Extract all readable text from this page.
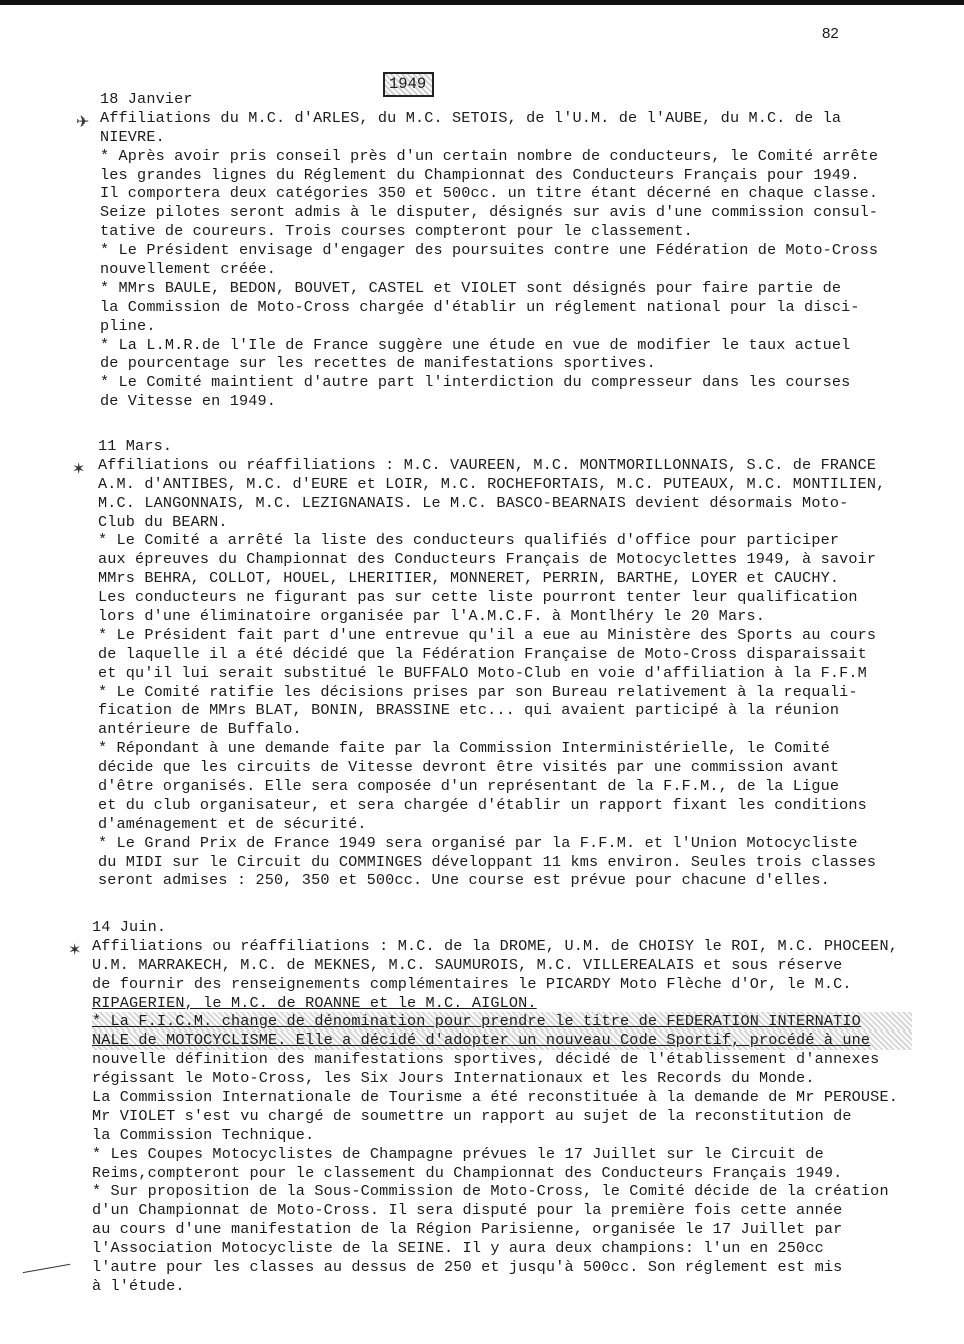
82
1949
✈
✶
✶
18 Janvier
Affiliations du M.C. d'ARLES, du M.C. SETOIS, de l'U.M. de l'AUBE, du M.C. de la
NIEVRE.
* Après avoir pris conseil près d'un certain nombre de conducteurs, le Comité arrête
les grandes lignes du Réglement du Championnat des Conducteurs Français pour 1949.
Il comportera deux catégories 350 et 500cc. un titre étant décerné en chaque classe.
Seize pilotes seront admis à le disputer, désignés sur avis d'une commission consul-
tative de coureurs. Trois courses compteront pour le classement.
* Le Président envisage d'engager des poursuites contre une Fédération de Moto-Cross
nouvellement créée.
* MMrs BAULE, BEDON, BOUVET, CASTEL et VIOLET sont désignés pour faire partie de
la Commission de Moto-Cross chargée d'établir un réglement national pour la disci-
pline.
* La L.M.R.de l'Ile de France suggère une étude en vue de modifier le taux actuel
de pourcentage sur les recettes de manifestations sportives.
* Le Comité maintient d'autre part l'interdiction du compresseur dans les courses
de Vitesse en 1949.
11 Mars.
Affiliations ou réaffiliations : M.C. VAUREEN, M.C. MONTMORILLONNAIS, S.C. de FRANCE
A.M. d'ANTIBES, M.C. d'EURE et LOIR, M.C. ROCHEFORTAIS, M.C. PUTEAUX, M.C. MONTILIEN,
M.C. LANGONNAIS, M.C. LEZIGNANAIS. Le M.C. BASCO-BEARNAIS devient désormais Moto-
Club du BEARN.
* Le Comité a arrêté la liste des conducteurs qualifiés d'office pour participer
aux épreuves du Championnat des Conducteurs Français de Motocyclettes 1949, à savoir
MMrs BEHRA, COLLOT, HOUEL, LHERITIER, MONNERET, PERRIN, BARTHE, LOYER et CAUCHY.
Les conducteurs ne figurant pas sur cette liste pourront tenter leur qualification
lors d'une éliminatoire organisée par l'A.M.C.F. à Montlhéry le 20 Mars.
* Le Président fait part d'une entrevue qu'il a eue au Ministère des Sports au cours
de laquelle il a été décidé que la Fédération Française de Moto-Cross disparaissait
et qu'il lui serait substitué le BUFFALO Moto-Club en voie d'affiliation à la F.F.M
* Le Comité ratifie les décisions prises par son Bureau relativement à la requali-
fication de MMrs BLAT, BONIN, BRASSINE etc... qui avaient participé à la réunion
antérieure de Buffalo.
* Répondant à une demande faite par la Commission Interministérielle, le Comité
décide que les circuits de Vitesse devront être visités par une commission avant
d'être organisés. Elle sera composée d'un représentant de la F.F.M., de la Ligue
et du club organisateur, et sera chargée d'établir un rapport fixant les conditions
d'aménagement et de sécurité.
* Le Grand Prix de France 1949 sera organisé par la F.F.M. et l'Union Motocycliste
du MIDI sur le Circuit du COMMINGES développant 11 kms environ. Seules trois classes
seront admises : 250, 350 et 500cc. Une course est prévue pour chacune d'elles.
14 Juin.
Affiliations ou réaffiliations : M.C. de la DROME, U.M. de CHOISY le ROI, M.C. PHOCEEN,
U.M. MARRAKECH, M.C. de MEKNES, M.C. SAUMUROIS, M.C. VILLEREALAIS et sous réserve
de fournir des renseignements complémentaires le PICARDY Moto Flèche d'Or, le M.C.
RIPAGERIEN, le M.C. de ROANNE et le M.C. AIGLON.
* La F.I.C.M. change de dénomination pour prendre le titre de FEDERATION INTERNATIO
NALE de MOTOCYCLISME. Elle a décidé d'adopter un nouveau Code Sportif, procédé à une
nouvelle définition des manifestations sportives, décidé de l'établissement d'annexes
régissant le Moto-Cross, les Six Jours Internationaux et les Records du Monde.
La Commission Internationale de Tourisme a été reconstituée à la demande de Mr PEROUSE.
Mr VIOLET s'est vu chargé de soumettre un rapport au sujet de la reconstitution de
la Commission Technique.
* Les Coupes Motocyclistes de Champagne prévues le 17 Juillet sur le Circuit de
Reims,compteront pour le classement du Championnat des Conducteurs Français 1949.
* Sur proposition de la Sous-Commission de Moto-Cross, le Comité décide de la création
d'un Championnat de Moto-Cross. Il sera disputé pour la première fois cette année
au cours d'une manifestation de la Région Parisienne, organisée le 17 Juillet par
l'Association Motocycliste de la SEINE. Il y aura deux champions: l'un en 250cc
l'autre pour les classes au dessus de 250 et jusqu'à 500cc. Son réglement est mis
à l'étude.
